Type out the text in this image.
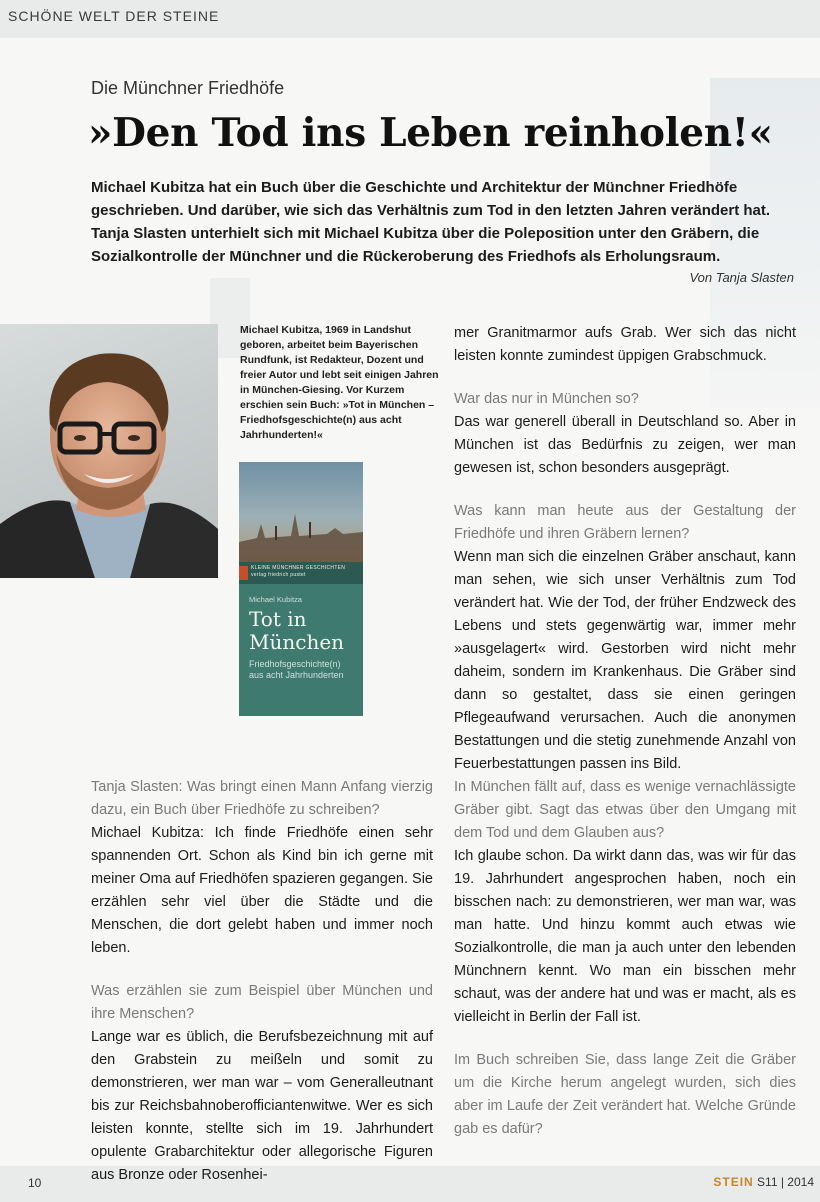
SCHÖNE WELT DER STEINE
Die Münchner Friedhöfe
»Den Tod ins Leben reinholen!«

Michael Kubitza hat ein Buch über die Geschichte und Architektur der Münchner Friedhöfe geschrieben. Und darüber, wie sich das Verhältnis zum Tod in den letzten Jahren verändert hat. Tanja Slasten unterhielt sich mit Michael Kubitza über die Poleposition unter den Gräbern, die Sozialkontrolle der Münchner und die Rückeroberung des Friedhofs als Erholungsraum.

Von Tanja Slasten
Michael Kubitza, 1969 in Landshut geboren, arbeitet beim Bayerischen Rundfunk, ist Redakteur, Dozent und freier Autor und lebt seit einigen Jahren in München-Giesing. Vor Kurzem erschien sein Buch: »Tot in München – Friedhofsgeschichte(n) aus acht Jahrhunderten!«
KLEINE MÜNCHNER GESCHICHTEN
verlag friedrich pustet
Michael Kubitza
Tot in
München
Friedhofsgeschichte(n)
aus acht Jahrhunderten

mer Granitmarmor aufs Grab. Wer sich das nicht leisten konnte zumindest üppigen Grabschmuck.

War das nur in München so?

Das war generell überall in Deutschland so. Aber in München ist das Bedürfnis zu zeigen, wer man gewesen ist, schon besonders ausgeprägt.

Was kann man heute aus der Gestaltung der Friedhöfe und ihren Gräbern lernen?

Wenn man sich die einzelnen Gräber anschaut, kann man sehen, wie sich unser Verhältnis zum Tod verändert hat. Wie der Tod, der früher Endzweck des Lebens und stets gegenwärtig war, immer mehr »ausgelagert« wird. Gestorben wird nicht mehr daheim, sondern im Krankenhaus. Die Gräber sind dann so gestaltet, dass sie einen geringen Pflegeaufwand verursachen. Auch die anonymen Bestattungen und die stetig zunehmende Anzahl von Feuerbestattungen passen ins Bild.

Tanja Slasten: Was bringt einen Mann Anfang vierzig dazu, ein Buch über Friedhöfe zu schreiben?

Michael Kubitza: Ich finde Friedhöfe einen sehr spannenden Ort. Schon als Kind bin ich gerne mit meiner Oma auf Friedhöfen spazieren gegangen. Sie erzählen sehr viel über die Städte und die Menschen, die dort gelebt haben und immer noch leben.

Was erzählen sie zum Beispiel über München und ihre Menschen?

Lange war es üblich, die Berufsbezeichnung mit auf den Grabstein zu meißeln und somit zu demonstrieren, wer man war – vom Generalleutnant bis zur Reichsbahnoberofficiantenwitwe. Wer es sich leisten konnte, stellte sich im 19. Jahrhundert opulente Grabarchitektur oder allegorische Figuren aus Bronze oder Rosenhei-

In München fällt auf, dass es wenige vernachlässigte Gräber gibt. Sagt das etwas über den Umgang mit dem Tod und dem Glauben aus?

Ich glaube schon. Da wirkt dann das, was wir für das 19. Jahrhundert angesprochen haben, noch ein bisschen nach: zu demonstrieren, wer man war, was man hatte. Und hinzu kommt auch etwas wie Sozialkontrolle, die man ja auch unter den lebenden Münchnern kennt. Wo man ein bisschen mehr schaut, was der andere hat und was er macht, als es vielleicht in Berlin der Fall ist.

Im Buch schreiben Sie, dass lange Zeit die Gräber um die Kirche herum angelegt wurden, sich dies aber im Laufe der Zeit verändert hat. Welche Gründe gab es dafür?

10	STEIN S11 | 2014
